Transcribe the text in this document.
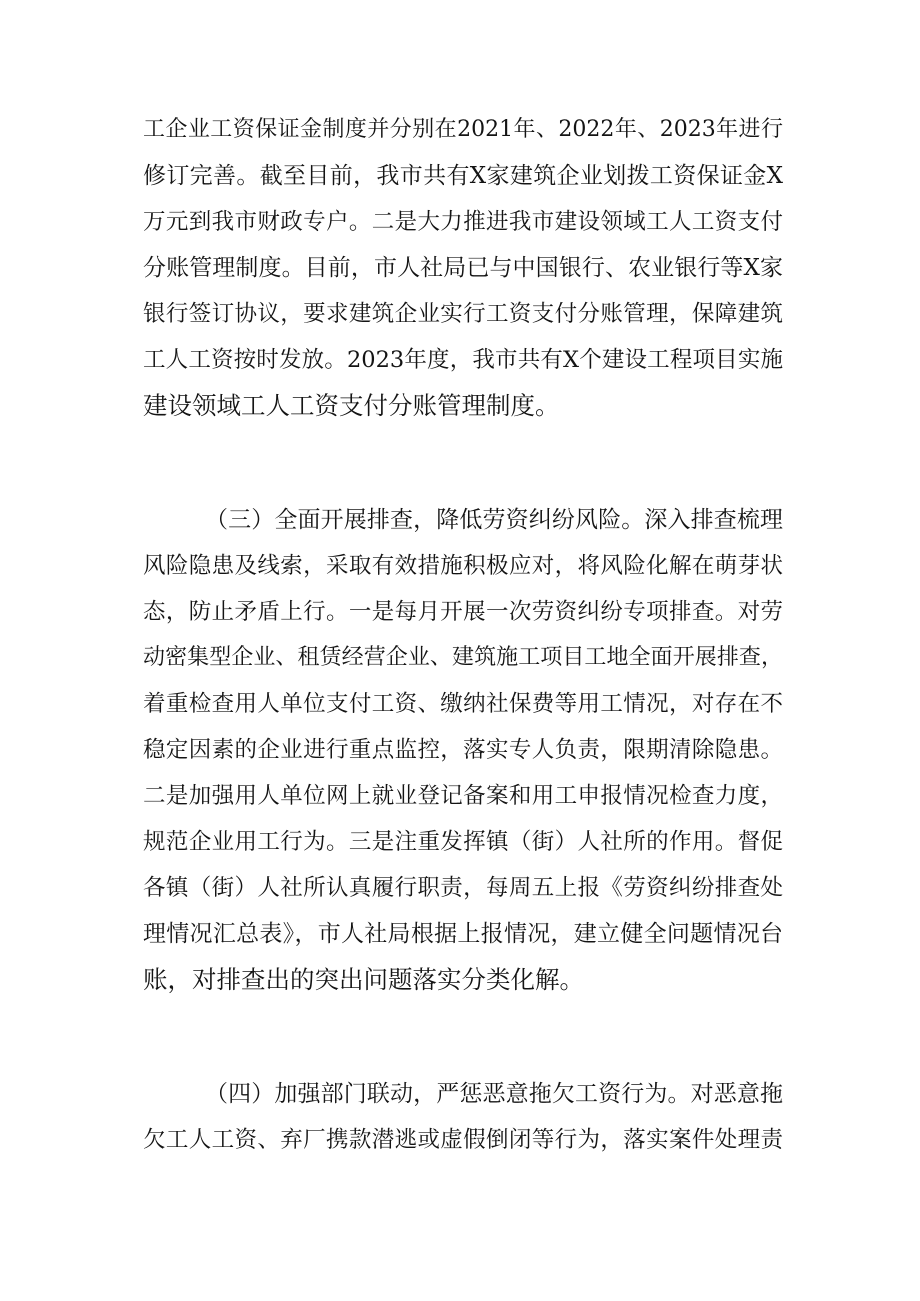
工企业工资保证金制度并分别在2021年、2022年、2023年进行
修订完善。截至目前，我市共有X家建筑企业划拨工资保证金X
万元到我市财政专户。二是大力推进我市建设领域工人工资支付
分账管理制度。目前，市人社局已与中国银行、农业银行等X家
银行签订协议，要求建筑企业实行工资支付分账管理，保障建筑
工人工资按时发放。2023年度，我市共有X个建设工程项目实施
建设领域工人工资支付分账管理制度。
（三）全面开展排查，降低劳资纠纷风险。深入排查梳理
风险隐患及线索，采取有效措施积极应对，将风险化解在萌芽状
态，防止矛盾上行。一是每月开展一次劳资纠纷专项排查。对劳
动密集型企业、租赁经营企业、建筑施工项目工地全面开展排查，
着重检查用人单位支付工资、缴纳社保费等用工情况，对存在不
稳定因素的企业进行重点监控，落实专人负责，限期清除隐患。
二是加强用人单位网上就业登记备案和用工申报情况检查力度，
规范企业用工行为。三是注重发挥镇（街）人社所的作用。督促
各镇（街）人社所认真履行职责，每周五上报《劳资纠纷排查处
理情况汇总表》，市人社局根据上报情况，建立健全问题情况台
账，对排查出的突出问题落实分类化解。
（四）加强部门联动，严惩恶意拖欠工资行为。对恶意拖
欠工人工资、弃厂携款潜逃或虚假倒闭等行为，落实案件处理责
